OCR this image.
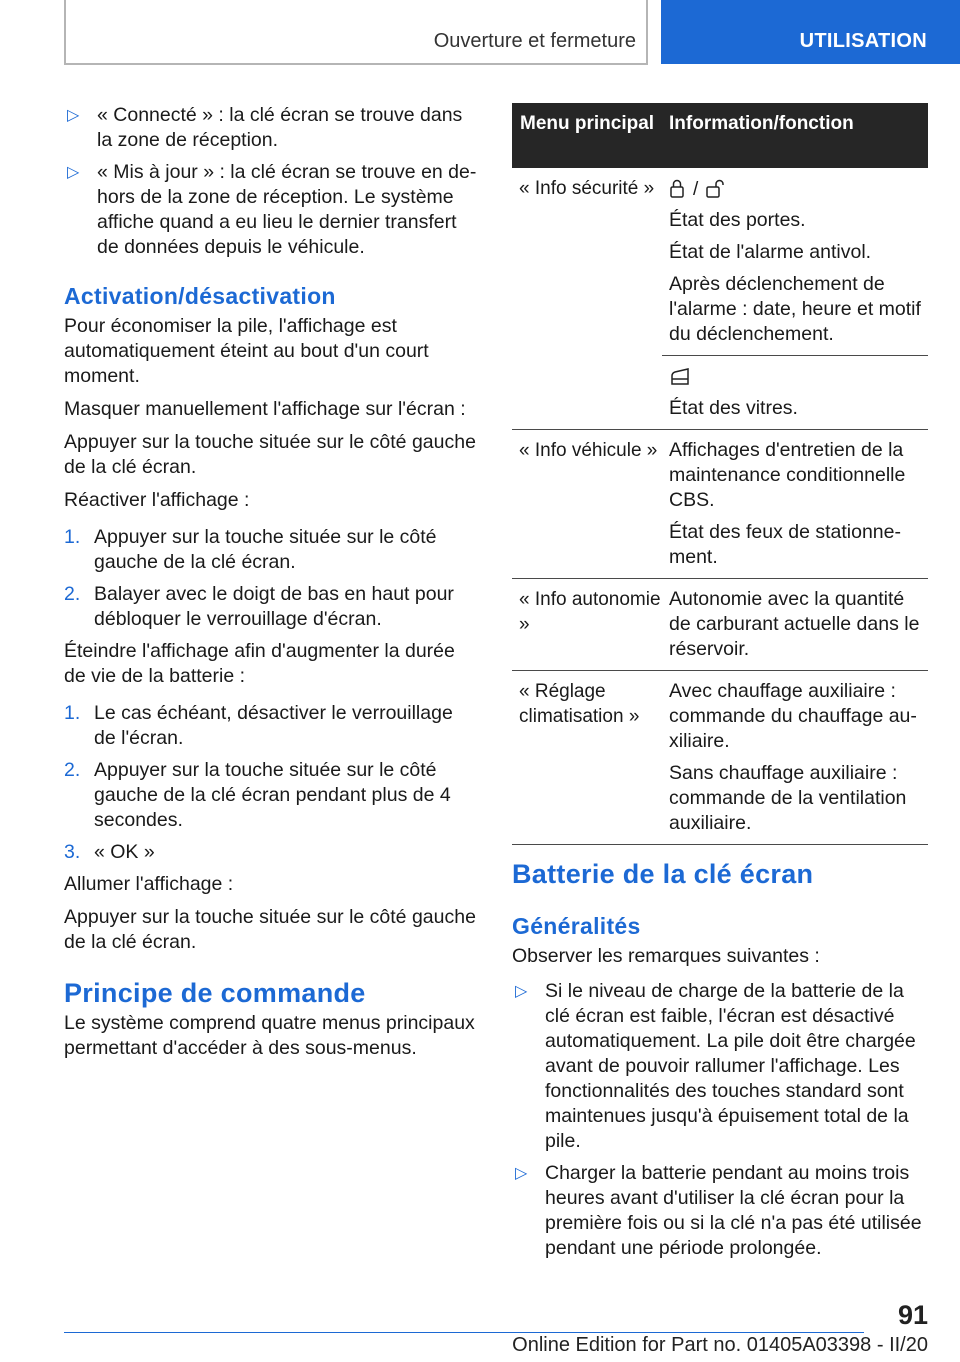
Ouverture et fermeture	UTILISATION
▷ « Connecté » : la clé écran se trouve dans la zone de réception.
▷ « Mis à jour » : la clé écran se trouve en dehors de la zone de réception. Le système affiche quand a eu lieu le dernier transfert de données depuis le véhicule.
Activation/désactivation

Pour économiser la pile, l'affichage est automatiquement éteint au bout d'un court moment.

Masquer manuellement l'affichage sur l'écran :

Appuyer sur la touche située sur le côté gauche de la clé écran.

Réactiver l'affichage :

1. Appuyer sur la touche située sur le côté gauche de la clé écran.
2. Balayer avec le doigt de bas en haut pour débloquer le verrouillage d'écran.

Éteindre l'affichage afin d'augmenter la durée de vie de la batterie :

1. Le cas échéant, désactiver le verrouillage de l'écran.
2. Appuyer sur la touche située sur le côté gauche de la clé écran pendant plus de 4 secondes.
3. « OK »

Allumer l'affichage :

Appuyer sur la touche située sur le côté gauche de la clé écran.

Principe de commande

Le système comprend quatre menus principaux permettant d'accéder à des sous-menus.

Menu principal Information/fonction
« Info sécurité »	/

État des portes.

État de l'alarme antivol.

Après déclenchement de l'alarme : date, heure et motif du déclenchement.

État des vitres.

« Info véhicule » Affichages d'entretien de la maintenance conditionnelle CBS.

État des feux de stationnement.

« Info autonomie »

Autonomie avec la quantité de carburant actuelle dans le réservoir.

« Réglage climatisation »

Avec chauffage auxiliaire : commande du chauffage auxiliaire.

Sans chauffage auxiliaire : commande de la ventilation auxiliaire.

Batterie de la clé écran
Généralités

Observer les remarques suivantes :

▷ Si le niveau de charge de la batterie de la clé écran est faible, l'écran est désactivé automatiquement. La pile doit être chargée avant de pouvoir rallumer l'affichage. Les fonctionnalités des touches standard sont maintenues jusqu'à épuisement total de la pile.
▷ Charger la batterie pendant au moins trois heures avant d'utiliser la clé écran pour la première fois ou si la clé n'a pas été utilisée pendant une période prolongée.
91
Online Edition for Part no. 01405A03398 - II/20
